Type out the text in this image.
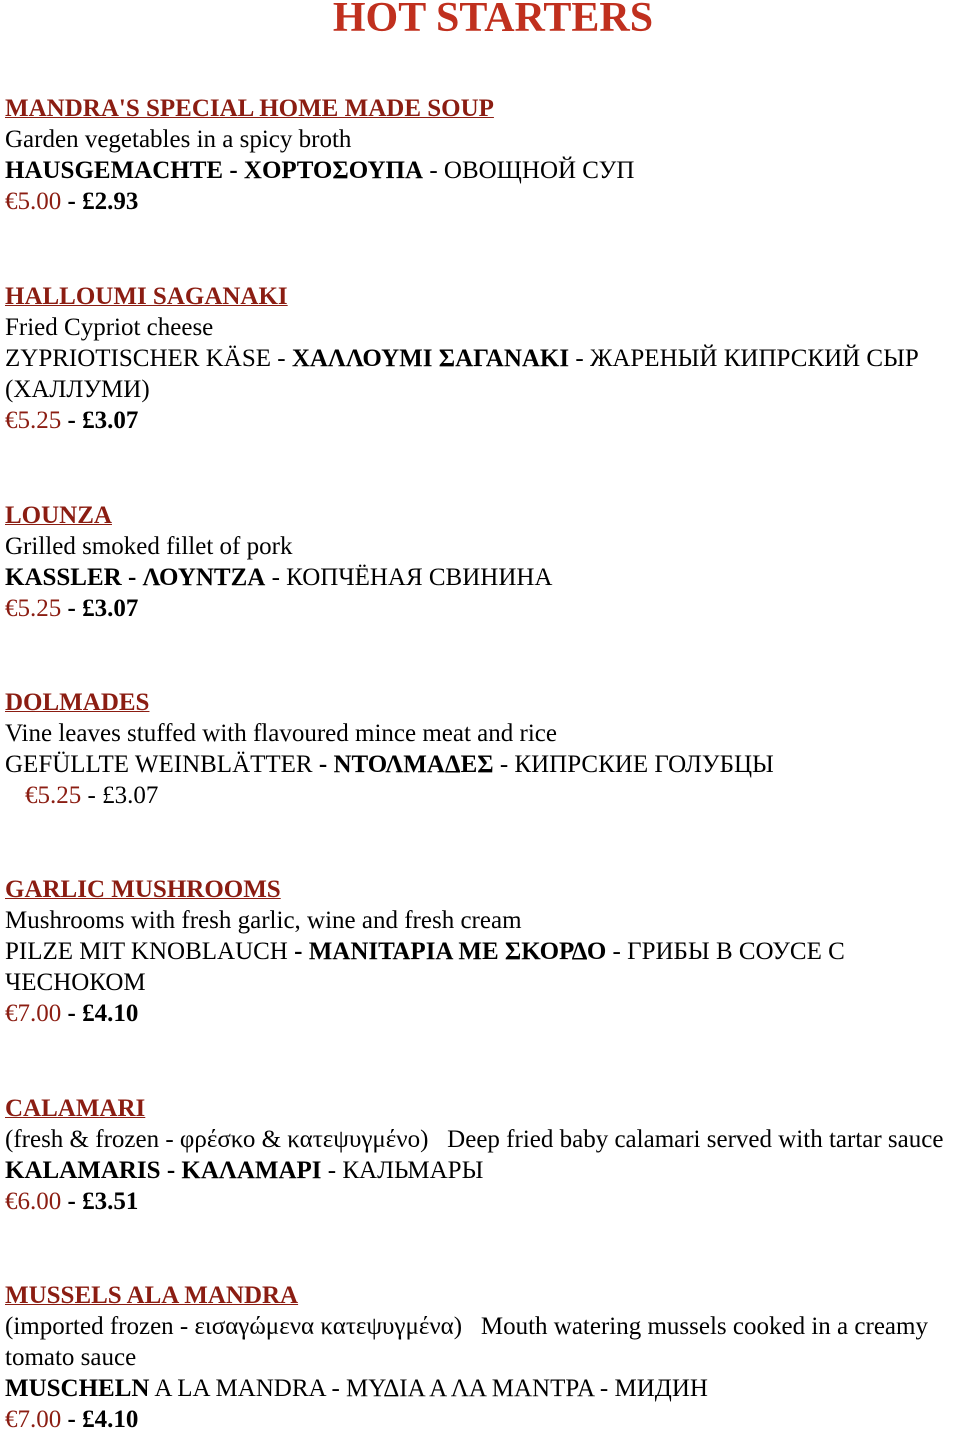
HOT STARTERS
MANDRA'S SPECIAL HOME MADE SOUP
Garden vegetables in a spicy broth
HAUSGEMACHTE - ΧΟΡΤΟΣΟΥΠΑ - ОВОЩНОЙ СУП
€5.00 - £2.93
HALLOUMI SAGANAKI
Fried Cypriot cheese
ZYPRIOTISCHER KÄSE - ΧΑΛΛΟΥΜΙ ΣΑΓΑΝΑΚΙ - ЖАРЕНЫЙ КИПРСКИЙ СЫР (ХАЛЛУМИ)
€5.25 - £3.07
LOUNZA
Grilled smoked fillet of pork
KASSLER - ΛΟΥΝΤΖΑ - КОПЧЁНАЯ СВИНИНА
€5.25 - £3.07
DOLMADES
Vine leaves stuffed with flavoured mince meat and rice
GEFÜLLTE WEINBLÄTTER - ΝΤΟΛΜΑΔΕΣ - КИПРСКИЕ ГОЛУБЦЫ
€5.25 - £3.07
GARLIC MUSHROOMS
Mushrooms with fresh garlic, wine and fresh cream
PILZE MIT KNOBLAUCH - ΜΑΝΙΤΑΡΙΑ ΜΕ ΣΚΟΡΔΟ - ГРИБЫ В СОУСЕ С ЧЕСНОКОМ
€7.00 - £4.10
CALAMARI
(fresh & frozen - φρέσκο & κατεψυγμένο) Deep fried baby calamari served with tartar sauce  KALAMARIS - ΚΑΛΑΜΑΡΙ - КАЛЬМАРЫ
€6.00 - £3.51
MUSSELS ALA MANDRA
(imported frozen - εισαγώμενα κατεψυγμένα) Mouth watering mussels cooked in a creamy tomato sauce
MUSCHELN A LA MANDRA - ΜΥΔΙΑ Α ΛΑ ΜΑΝΤΡΑ - МИДИН
€7.00 - £4.10
